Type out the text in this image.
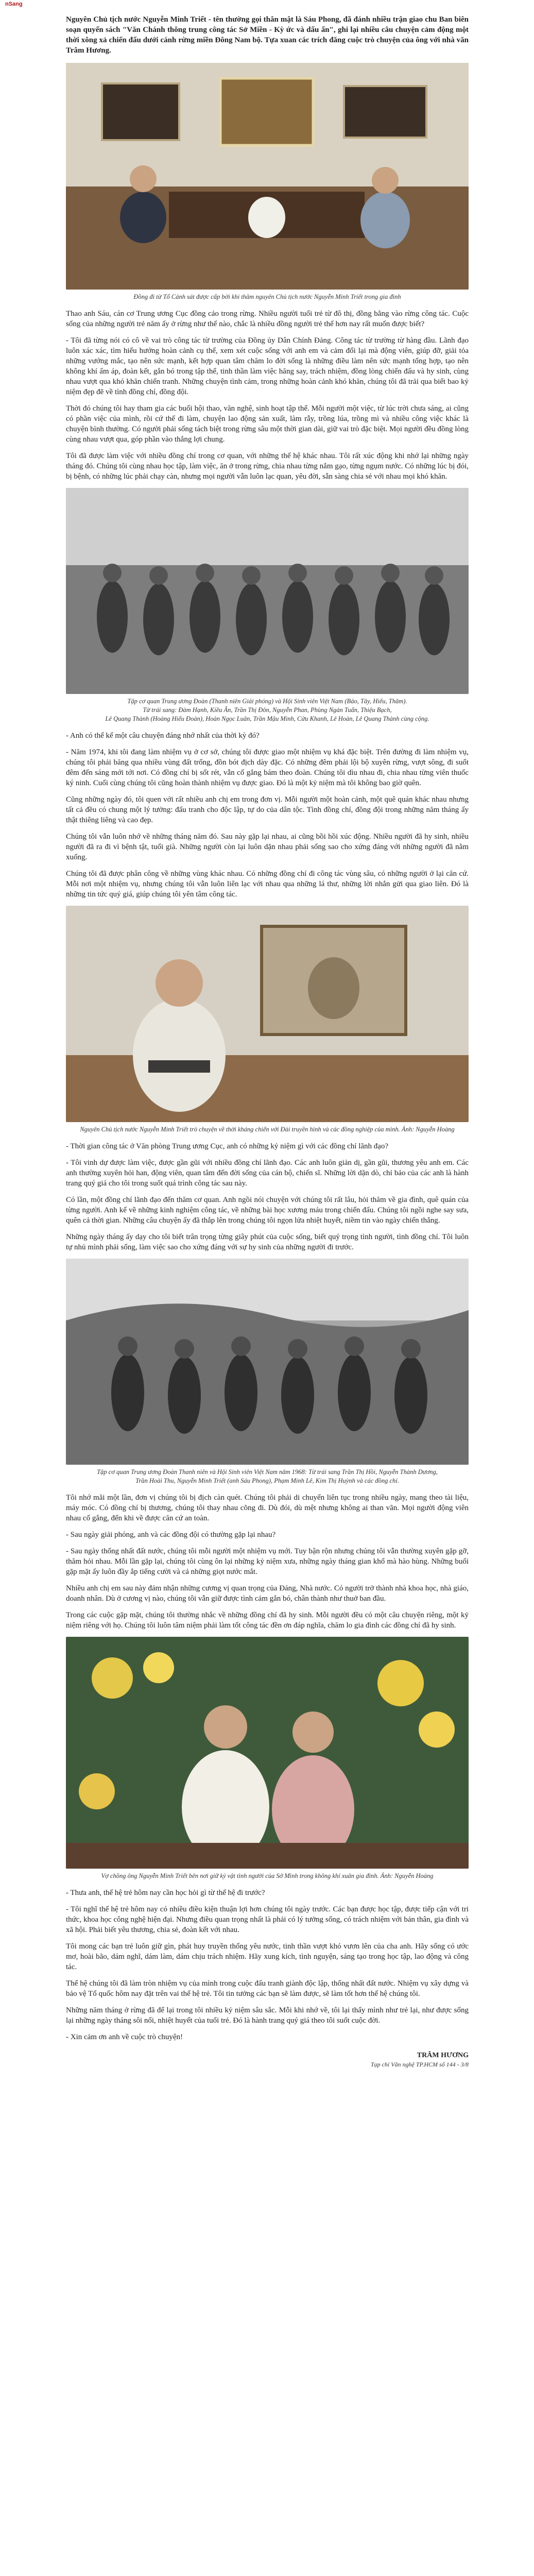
nSang

Nguyên Chủ tịch nước Nguyễn Minh Triết - tên thường gọi thân mật là Sáu Phong, đã đánh nhiều trận giao chu Ban biên soạn quyển sách "Văn Chánh thông trung công tác Sở Miền - Kỳ ức và dấu ấn", ghi lại nhiều câu chuyện cảm động một thời xông xả chiến đấu dưới cánh rừng miền Đông Nam bộ. Tựa xuan các trích đăng cuộc trò chuyện của ông với nhà văn Trâm Hương.

Đồng đi từ Tổ Cảnh sát được cấp bởi khi thăm nguyên Chủ tịch nước Nguyễn Minh Triết trong gia đình

Thao anh Sáu, cán cơ Trung ương Cục đồng cảo trong rừng. Nhiều người tuổi trẻ từ đô thị, đồng bằng vào rừng công tác. Cuộc sống của những người trẻ năm ấy ở rừng như thế nào, chắc là nhiều đồng người trẻ thế hơn nay rất muốn được biết?

- Tôi đã từng nói có cô về vai trò công tác từ trường của Đồng ủy Dân Chính Đảng. Công tác từ trường từ hàng đầu. Lãnh đạo luôn xác xác, tìm hiểu hướng hoàn cảnh cụ thể, xem xét cuộc sống với anh em và cảm đổi lại mà động viên, giúp đỡ, giải tỏa những vướng mắc, tạo nên sức mạnh, kết hợp quan tâm chăm lo đời sống là những điều làm nên sức mạnh tổng hợp, tạo nên không khí ấm áp, đoàn kết, gắn bó trong tập thể, tinh thần làm việc hăng say, trách nhiệm, đồng lòng chiến đấu và hy sinh, cùng nhau vượt qua khó khăn chiến tranh. Những chuyện tình cảm, trong những hoàn cảnh khó khăn, chúng tôi đã trải qua biết bao kỷ niệm đẹp đẽ về tình đồng chí, đồng đội.

Thời đó chúng tôi hay tham gia các buổi hội thao, văn nghệ, sinh hoạt tập thể. Mỗi người một việc, từ lúc trời chưa sáng, ai cũng có phần việc của mình, rồi cứ thế đi làm, chuyện lao động sản xuất, làm rẫy, trồng lúa, trồng mì và nhiều công việc khác là chuyện bình thường. Có người phải sống tách biệt trong rừng sâu một thời gian dài, giữ vai trò đặc biệt. Mọi người đều đồng lòng cùng nhau vượt qua, góp phần vào thắng lợi chung.

Tôi đã được làm việc với nhiều đồng chí trong cơ quan, với những thế hệ khác nhau. Tôi rất xúc động khi nhớ lại những ngày tháng đó. Chúng tôi cùng nhau học tập, làm việc, ăn ở trong rừng, chia nhau từng nắm gạo, từng ngụm nước. Có những lúc bị đói, bị bệnh, có những lúc phải chạy càn, nhưng mọi người vẫn luôn lạc quan, yêu đời, sẵn sàng chia sẻ với nhau mọi khó khăn.

Tập cơ quan Trung ương Đoàn (Thanh niên Giải phóng) và Hội Sinh viên Việt Nam (Bảo, Tây, Hiếu, Thăm).
Từ trái sang: Đàm Hạnh, Kiều Ân, Trần Thị Đôn, Nguyễn Phan, Phùng Ngàn Tuấn, Thiệu Bạch,
Lê Quang Thành (Hoàng Hiếu Đoàn), Hoàn Ngọc Luân, Trần Mậu Minh, Cửu Khanh, Lê Hoàn, Lê Quang Thành cùng cộng.

- Anh có thể kể một câu chuyện đáng nhớ nhất của thời kỳ đó?

- Năm 1974, khi tôi đang làm nhiệm vụ ở cơ sở, chúng tôi được giao một nhiệm vụ khá đặc biệt. Trên đường đi làm nhiệm vụ, chúng tôi phải băng qua nhiều vùng đất trống, đồn bót địch dày đặc. Có những đêm phải lội bộ xuyên rừng, vượt sông, đi suốt đêm đến sáng mới tới nơi. Có đồng chí bị sốt rét, vẫn cố gắng bám theo đoàn. Chúng tôi dìu nhau đi, chia nhau từng viên thuốc ký ninh. Cuối cùng chúng tôi cũng hoàn thành nhiệm vụ được giao. Đó là một kỷ niệm mà tôi không bao giờ quên.

Cũng những ngày đó, tôi quen với rất nhiều anh chị em trong đơn vị. Mỗi người một hoàn cảnh, một quê quán khác nhau nhưng tất cả đều có chung một lý tưởng: đấu tranh cho độc lập, tự do của dân tộc. Tình đồng chí, đồng đội trong những năm tháng ấy thật thiêng liêng và cao đẹp.

Chúng tôi vẫn luôn nhớ về những tháng năm đó. Sau này gặp lại nhau, ai cũng bồi hồi xúc động. Nhiều người đã hy sinh, nhiều người đã ra đi vì bệnh tật, tuổi già. Những người còn lại luôn dặn nhau phải sống sao cho xứng đáng với những người đã nằm xuống.

Chúng tôi đã được phân công về những vùng khác nhau. Có những đồng chí đi công tác vùng sâu, có những người ở lại căn cứ. Mỗi nơi một nhiệm vụ, nhưng chúng tôi vẫn luôn liên lạc với nhau qua những lá thư, những lời nhắn gửi qua giao liên. Đó là những tin tức quý giá, giúp chúng tôi yên tâm công tác.

Nguyên Chủ tịch nước Nguyễn Minh Triết trò chuyện về thời kháng chiến với Đài truyền hình và các đồng nghiệp của mình. Ảnh: Nguyễn Hoàng

- Thời gian công tác ở Văn phòng Trung ương Cục, anh có những kỷ niệm gì với các đồng chí lãnh đạo?

- Tôi vinh dự được làm việc, được gần gũi với nhiều đồng chí lãnh đạo. Các anh luôn giản dị, gần gũi, thương yêu anh em. Các anh thường xuyên hỏi han, động viên, quan tâm đến đời sống của cán bộ, chiến sĩ. Những lời dặn dò, chỉ bảo của các anh là hành trang quý giá cho tôi trong suốt quá trình công tác sau này.

Có lần, một đồng chí lãnh đạo đến thăm cơ quan. Anh ngồi nói chuyện với chúng tôi rất lâu, hỏi thăm về gia đình, quê quán của từng người. Anh kể về những kinh nghiệm công tác, về những bài học xương máu trong chiến đấu. Chúng tôi ngồi nghe say sưa, quên cả thời gian. Những câu chuyện ấy đã thắp lên trong chúng tôi ngọn lửa nhiệt huyết, niềm tin vào ngày chiến thắng.

Những ngày tháng ấy dạy cho tôi biết trân trọng từng giây phút của cuộc sống, biết quý trọng tình người, tình đồng chí. Tôi luôn tự nhủ mình phải sống, làm việc sao cho xứng đáng với sự hy sinh của những người đi trước.

Tập cơ quan Trung ương Đoàn Thanh niên và Hội Sinh viên Việt Nam năm 1968: Từ trái sang Trần Thị Hồi, Nguyễn Thành Dương,
Trần Hoài Thu, Nguyễn Minh Triết (anh Sáu Phong), Phạm Minh Lê, Kim Thị Huỳnh và các đồng chí.

Tôi nhớ mãi một lần, đơn vị chúng tôi bị địch càn quét. Chúng tôi phải di chuyển liên tục trong nhiều ngày, mang theo tài liệu, máy móc. Có đồng chí bị thương, chúng tôi thay nhau cõng đi. Dù đói, dù mệt nhưng không ai than vãn. Mọi người động viên nhau cố gắng, đến khi về được căn cứ an toàn.

- Sau ngày giải phóng, anh và các đồng đội có thường gặp lại nhau?

- Sau ngày thống nhất đất nước, chúng tôi mỗi người một nhiệm vụ mới. Tuy bận rộn nhưng chúng tôi vẫn thường xuyên gặp gỡ, thăm hỏi nhau. Mỗi lần gặp lại, chúng tôi cùng ôn lại những kỷ niệm xưa, những ngày tháng gian khổ mà hào hùng. Những buổi gặp mặt ấy luôn đầy ắp tiếng cười và cả những giọt nước mắt.

Nhiều anh chị em sau này đảm nhận những cương vị quan trọng của Đảng, Nhà nước. Có người trở thành nhà khoa học, nhà giáo, doanh nhân. Dù ở cương vị nào, chúng tôi vẫn giữ được tình cảm gắn bó, chân thành như thuở ban đầu.

Trong các cuộc gặp mặt, chúng tôi thường nhắc về những đồng chí đã hy sinh. Mỗi người đều có một câu chuyện riêng, một kỷ niệm riêng với họ. Chúng tôi luôn tâm niệm phải làm tốt công tác đền ơn đáp nghĩa, chăm lo gia đình các đồng chí đã hy sinh.

Vợ chồng ông Nguyễn Minh Triết bên nơi giữ kỷ vật tình người của Sở Mình trong không khí xuân gia đình. Ảnh: Nguyễn Hoàng

- Thưa anh, thế hệ trẻ hôm nay cần học hỏi gì từ thế hệ đi trước?

- Tôi nghĩ thế hệ trẻ hôm nay có nhiều điều kiện thuận lợi hơn chúng tôi ngày trước. Các bạn được học tập, được tiếp cận với tri thức, khoa học công nghệ hiện đại. Nhưng điều quan trọng nhất là phải có lý tưởng sống, có trách nhiệm với bản thân, gia đình và xã hội. Phải biết yêu thương, chia sẻ, đoàn kết với nhau.

Tôi mong các bạn trẻ luôn giữ gìn, phát huy truyền thống yêu nước, tinh thần vượt khó vươn lên của cha anh. Hãy sống có ước mơ, hoài bão, dám nghĩ, dám làm, dám chịu trách nhiệm. Hãy xung kích, tình nguyện, sáng tạo trong học tập, lao động và công tác.

Thế hệ chúng tôi đã làm tròn nhiệm vụ của mình trong cuộc đấu tranh giành độc lập, thống nhất đất nước. Nhiệm vụ xây dựng và bảo vệ Tổ quốc hôm nay đặt trên vai thế hệ trẻ. Tôi tin tưởng các bạn sẽ làm được, sẽ làm tốt hơn thế hệ chúng tôi.

Những năm tháng ở rừng đã để lại trong tôi nhiều kỷ niệm sâu sắc. Mỗi khi nhớ về, tôi lại thấy mình như trẻ lại, như được sống lại những ngày tháng sôi nổi, nhiệt huyết của tuổi trẻ. Đó là hành trang quý giá theo tôi suốt cuộc đời.

- Xin cảm ơn anh về cuộc trò chuyện!

TRÂM HƯƠNG
Tạp chí Văn nghệ TP.HCM số 144 - 3/8
